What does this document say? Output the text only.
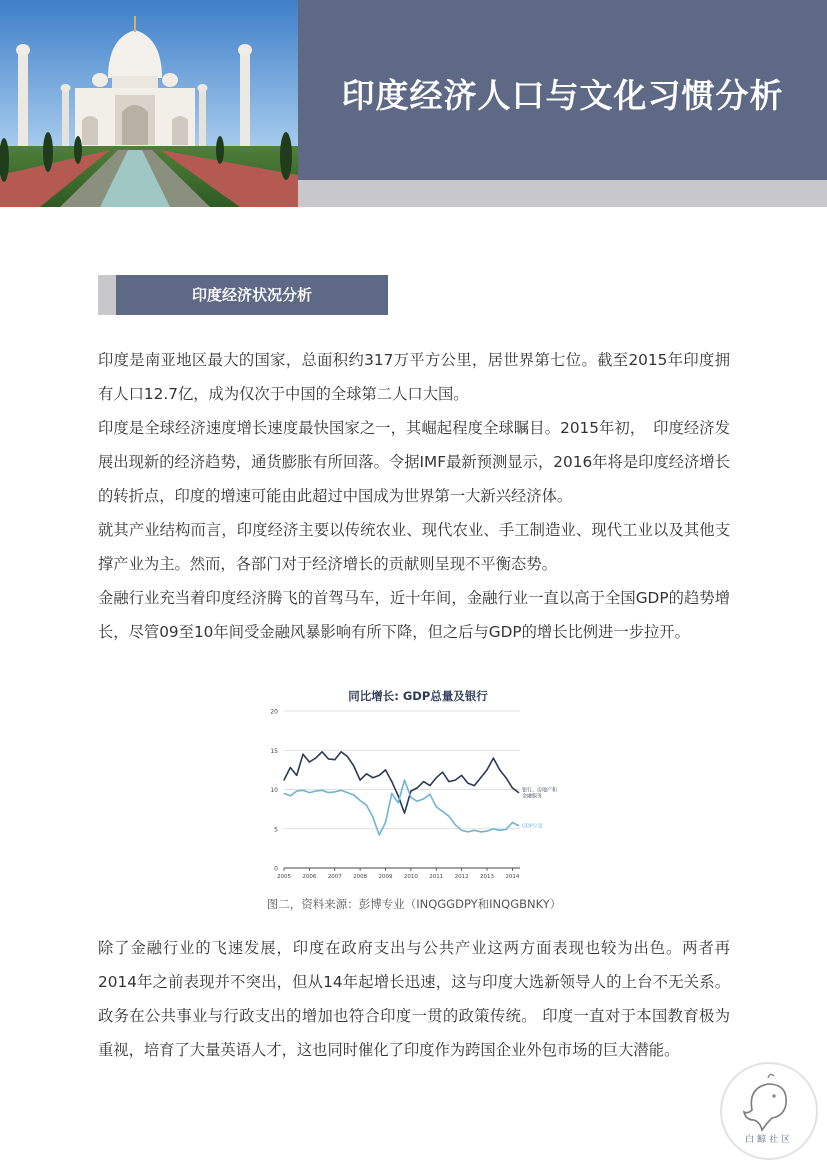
印度经济人口与文化习惯分析
印度经济状况分析

印度是南亚地区最大的国家，总面积约317万平方公里，居世界第七位。截至2015年印度拥有人口12.7亿，成为仅次于中国的全球第二人口大国。

印度是全球经济速度增长速度最快国家之一，其崛起程度全球瞩目。2015年初，　印度经济发展出现新的经济趋势，通货膨胀有所回落。令据IMF最新预测显示，2016年将是印度经济增长的转折点，印度的增速可能由此超过中国成为世界第一大新兴经济体。

就其产业结构而言，印度经济主要以传统农业、现代农业、手工制造业、现代工业以及其他支撑产业为主。然而，各部门对于经济增长的贡献则呈现不平衡态势。

金融行业充当着印度经济腾飞的首驾马车，近十年间，金融行业一直以高于全国GDP的趋势增长，尽管09至10年间受金融风暴影响有所下降，但之后与GDP的增长比例进一步拉开。

同比增长: GDP总量及银行
0
5
10
15
20
2005 2006 2007 2008 2009 2010 2011 2012 2013 2014
银行、房地产和
金融服务
GDP总量

图二，资料来源：彭博专业（INQGGDPY和INQGBNKY）

除了金融行业的飞速发展，印度在政府支出与公共产业这两方面表现也较为出色。两者再2014年之前表现并不突出，但从14年起增长迅速，这与印度大选新领导人的上台不无关系。 政务在公共事业与行政支出的增加也符合印度一贯的政策传统。 印度一直对于本国教育极为重视，培育了大量英语人才，这也同时催化了印度作为跨国企业外包市场的巨大潜能。

白鲸社区
